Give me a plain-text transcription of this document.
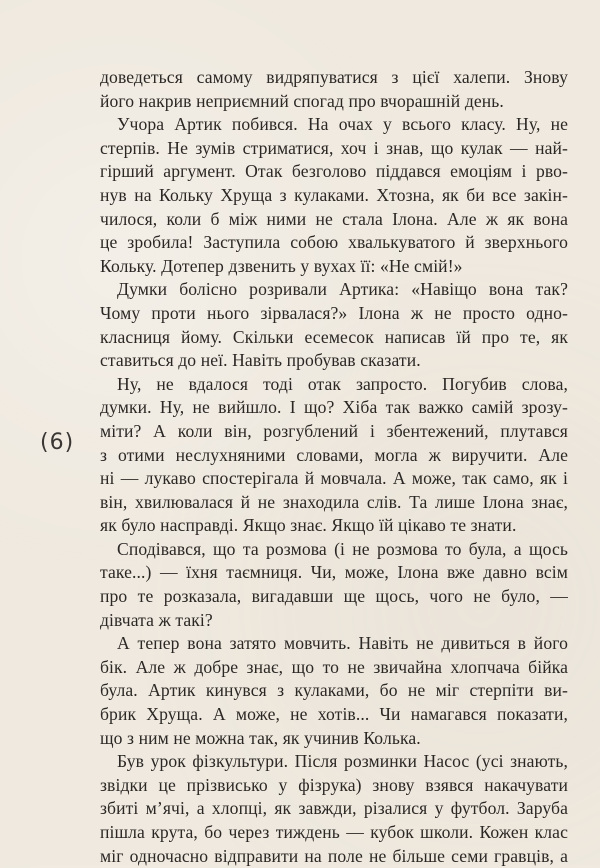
(6)
доведеться самому видряпуватися з цієї халепи. Знову
його накрив неприємний спогад про вчорашній день.
Учора Артик побився. На очах у всього класу. Ну, не
стерпів. Не зумів стриматися, хоч і знав, що кулак — най-
гірший аргумент. Отак безголово піддався емоціям і рво-
нув на Кольку Хруща з кулаками. Хтозна, як би все закін-
чилося, коли б між ними не стала Ілона. Але ж як вона
це зробила! Заступила собою хвалькуватого й зверхнього
Кольку. Дотепер дзвенить у вухах її: «Не смій!»
Думки болісно розривали Артика: «Навіщо вона так?
Чому проти нього зірвалася?» Ілона ж не просто одно-
класниця йому. Скільки есемесок написав їй про те, як
ставиться до неї. Навіть пробував сказати.
Ну, не вдалося тоді отак запросто. Погубив слова,
думки. Ну, не вийшло. І що? Хіба так важко самій зрозу-
міти? А коли він, розгублений і збентежений, плутався
з отими неслухняними словами, могла ж виручити. Але
ні — лукаво спостерігала й мовчала. А може, так само, як і
він, хвилювалася й не знаходила слів. Та лише Ілона знає,
як було насправді. Якщо знає. Якщо їй цікаво те знати.
Сподівався, що та розмова (і не розмова то була, а щось
таке...) — їхня таємниця. Чи, може, Ілона вже давно всім
про те розказала, вигадавши ще щось, чого не було, —
дівчата ж такі?
А тепер вона затято мовчить. Навіть не дивиться в його
бік. Але ж добре знає, що то не звичайна хлопчача бійка
була. Артик кинувся з кулаками, бо не міг стерпіти ви-
брик Хруща. А може, не хотів... Чи намагався показати,
що з ним не можна так, як учинив Колька.
Був урок фізкультури. Після розминки Насос (усі знають,
звідки це прізвисько у фізрука) знову взявся накачувати
збиті м’ячі, а хлопці, як завжди, різалися у футбол. Заруба
пішла крута, бо через тиждень — кубок школи. Кожен клас
міг одночасно відправити на поле не більше семи гравців, а
